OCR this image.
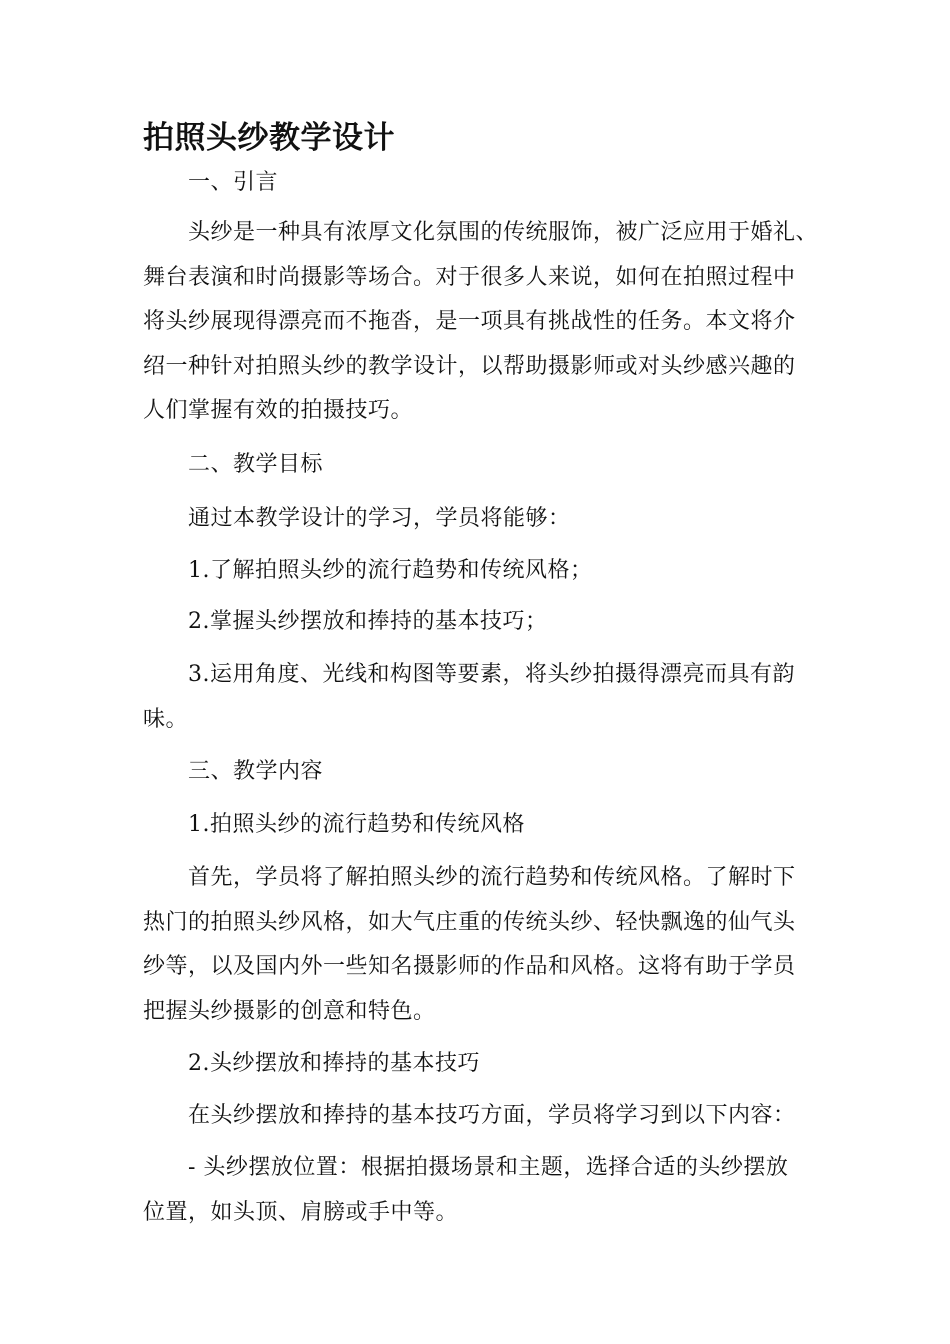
拍照头纱教学设计

一、引言

头纱是一种具有浓厚文化氛围的传统服饰，被广泛应用于婚礼、
舞台表演和时尚摄影等场合。对于很多人来说，如何在拍照过程中
将头纱展现得漂亮而不拖沓，是一项具有挑战性的任务。本文将介
绍一种针对拍照头纱的教学设计，以帮助摄影师或对头纱感兴趣的
人们掌握有效的拍摄技巧。

二、教学目标

通过本教学设计的学习，学员将能够：

1.了解拍照头纱的流行趋势和传统风格；

2.掌握头纱摆放和捧持的基本技巧；

3.运用角度、光线和构图等要素，将头纱拍摄得漂亮而具有韵
味。

三、教学内容

1.拍照头纱的流行趋势和传统风格

首先，学员将了解拍照头纱的流行趋势和传统风格。了解时下
热门的拍照头纱风格，如大气庄重的传统头纱、轻快飘逸的仙气头
纱等，以及国内外一些知名摄影师的作品和风格。这将有助于学员
把握头纱摄影的创意和特色。

2.头纱摆放和捧持的基本技巧

在头纱摆放和捧持的基本技巧方面，学员将学习到以下内容：

- 头纱摆放位置：根据拍摄场景和主题，选择合适的头纱摆放
位置，如头顶、肩膀或手中等。
